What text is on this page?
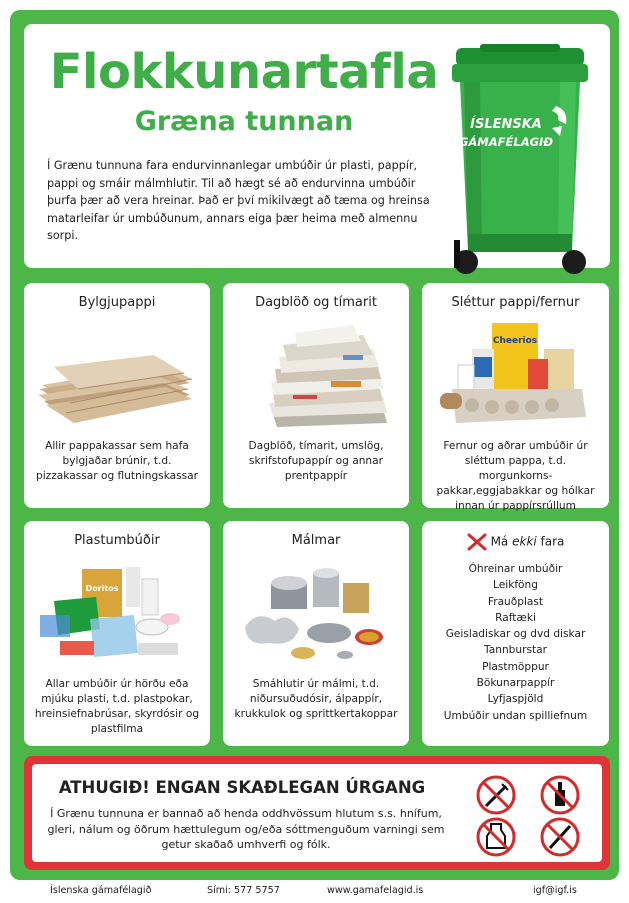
Flokkunartafla
Græna tunnan
Í Grænu tunnuna fara endurvinnanlegar umbúðir úr plasti, pappír, pappi og smáir málmhlutir. Til að hægt sé að endurvinna umbúðir þurfa þær að vera hreinar. Það er því mikilvægt að tæma og hreinsa matarleifar úr umbúðunum, annars eiga þær heima með almennu sorpi.
ÍSLENSKA
GÁMAFÉLAGIÐ
Bylgjupappi
Allir pappakassar sem hafa bylgjaðar brúnir, t.d. pizzakassar og flutningskassar
Dagblöð og tímarit
Dagblöð, tímarit, umslög, skrifstofupappír og annar prentpappír
Sléttur pappi/fernur
Cheerios
Fernur og aðrar umbúðir úr sléttum pappa, t.d. morgunkorns-pakkar,eggjabakkar og hólkar innan úr pappírsrúllum
Plastumbúðir
Doritos
Allar umbúðir úr hörðu eða mjúku plasti, t.d. plastpokar, hreinsiefnabrúsar, skyrdósir og plastfilma
Málmar
Smáhlutir úr málmi, t.d. niðursuðudósir, álpappír, krukkulok og sprittkertakoppar
Má ekki fara
Óhreinar umbúðir
Leikföng
Frauðplast
Raftæki
Geisladiskar og dvd diskar
Tannburstar
Plastmöppur
Bökunarpappír
Lyfjaspjöld
Umbúðir undan spilliefnum
ATHUGIÐ! ENGAN SKAÐLEGAN ÚRGANG
Í Grænu tunnuna er bannað að henda oddhvössum hlutum s.s. hnífum, gleri, nálum og öðrum hættulegum og/eða sóttmenguðum varningi sem getur skaðað umhverfi og fólk.
Íslenska gámafélagið	Sími: 577 5757	www.gamafelagid.is	igf@igf.is
